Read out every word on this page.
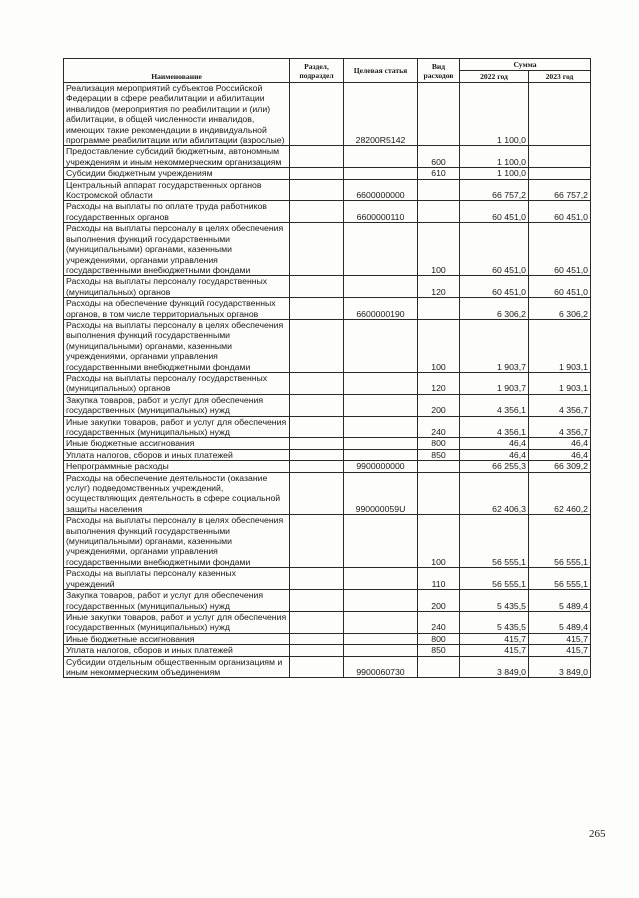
Наименование	Раздел, подраздел	Целевая статья	Вид расходов	Сумма	
				2022 год	2023 год
Реализация мероприятий субъектов Российской Федерации в сфере реабилитации и абилитации инвалидов (мероприятия по реабилитации и (или) абилитации, в общей численности инвалидов, имеющих такие рекомендации в индивидуальной программе реабилитации или абилитации (взрослые)		28200R5142		1 100,0	
Предоставление субсидий бюджетным, автономным учреждениям и иным некоммерческим организациям			600	1 100,0	
Субсидии бюджетным учреждениям			610	1 100,0	
Центральный аппарат государственных органов Костромской области		6600000000		66 757,2	66 757,2
Расходы на выплаты по оплате труда работников государственных органов		6600000110		60 451,0	60 451,0
Расходы на выплаты персоналу в целях обеспечения выполнения функций государственными (муниципальными) органами, казенными учреждениями, органами управления государственными внебюджетными фондами			100	60 451,0	60 451,0
Расходы на выплаты персоналу государственных (муниципальных) органов			120	60 451,0	60 451,0
Расходы на обеспечение функций государственных органов, в том числе территориальных органов		6600000190		6 306,2	6 306,2
Расходы на выплаты персоналу в целях обеспечения выполнения функций государственными (муниципальными) органами, казенными учреждениями, органами управления государственными внебюджетными фондами			100	1 903,7	1 903,1
Расходы на выплаты персоналу государственных (муниципальных) органов			120	1 903,7	1 903,1
Закупка товаров, работ и услуг для обеспечения государственных (муниципальных) нужд			200	4 356,1	4 356,7
Иные закупки товаров, работ и услуг для обеспечения государственных (муниципальных) нужд			240	4 356,1	4 356,7
Иные бюджетные ассигнования			800	46,4	46,4
Уплата налогов, сборов и иных платежей			850	46,4	46,4
Непрограммные расходы		9900000000		66 255,3	66 309,2
Расходы на обеспечение деятельности (оказание услуг) подведомственных учреждений, осуществляющих деятельность в сфере социальной защиты населения		990000059U		62 406,3	62 460,2
Расходы на выплаты персоналу в целях обеспечения выполнения функций государственными (муниципальными) органами, казенными учреждениями, органами управления государственными внебюджетными фондами			100	56 555,1	56 555,1
Расходы на выплаты персоналу казенных учреждений			110	56 555,1	56 555,1
Закупка товаров, работ и услуг для обеспечения государственных (муниципальных) нужд			200	5 435,5	5 489,4
Иные закупки товаров, работ и услуг для обеспечения государственных (муниципальных) нужд			240	5 435,5	5 489,4
Иные бюджетные ассигнования			800	415,7	415,7
Уплата налогов, сборов и иных платежей			850	415,7	415,7
Субсидии отдельным общественным организациям и иным некоммерческим объединениям		9900060730		3 849,0	3 849,0
265
